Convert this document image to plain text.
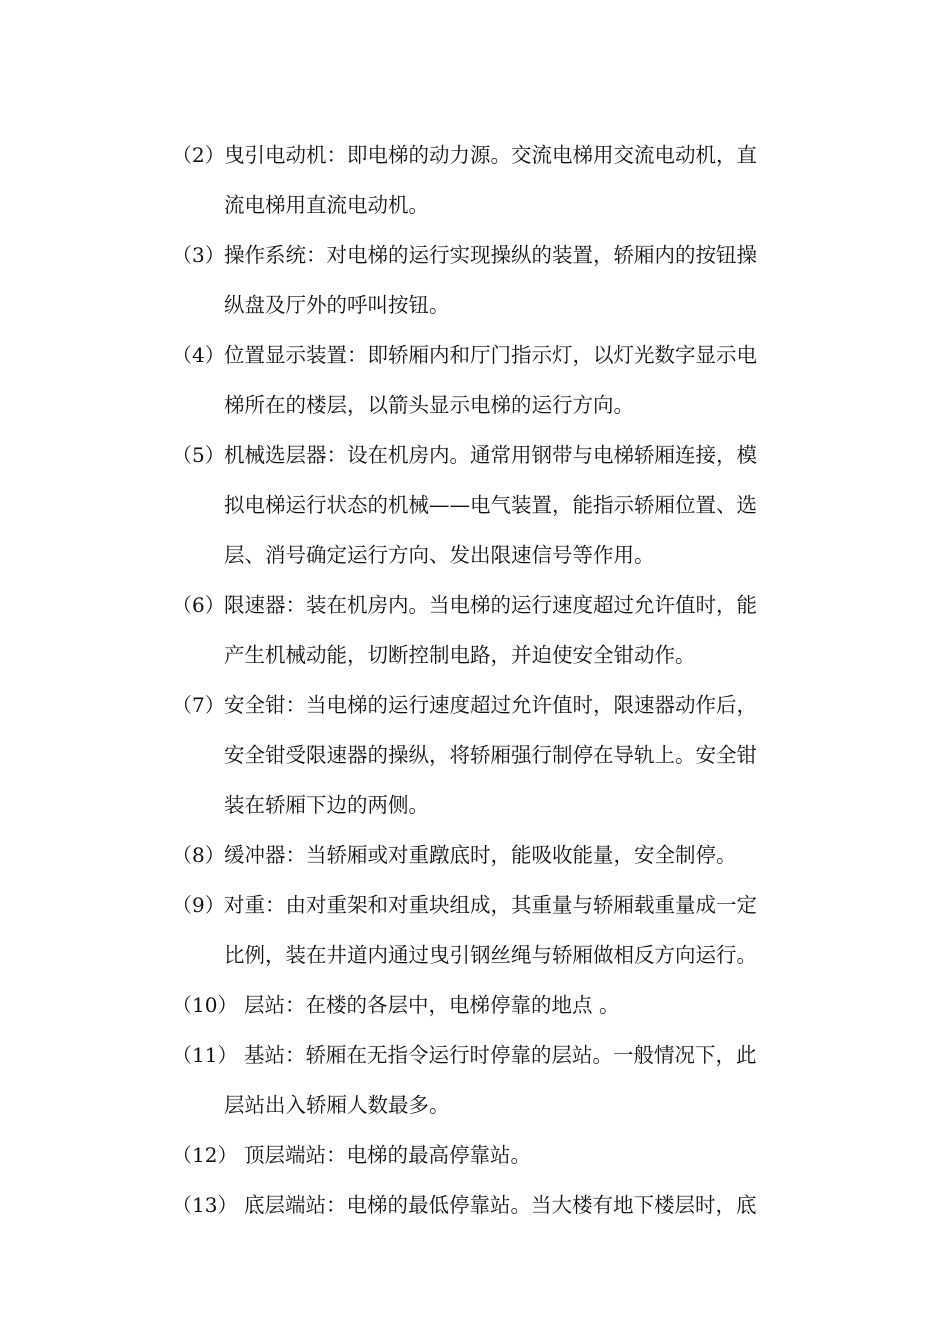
（2） 曳引电动机：即电梯的动力源。交流电梯用交流电动机，直
流电梯用直流电动机。
（3） 操作系统：对电梯的运行实现操纵的装置，轿厢内的按钮操
纵盘及厅外的呼叫按钮。
（4） 位置显示装置：即轿厢内和厅门指示灯，以灯光数字显示电
梯所在的楼层，以箭头显示电梯的运行方向。
（5） 机械选层器：设在机房内。通常用钢带与电梯轿厢连接，模
拟电梯运行状态的机械——电气装置，能指示轿厢位置、选
层、消号确定运行方向、发出限速信号等作用。
（6） 限速器：装在机房内。当电梯的运行速度超过允许值时，能
产生机械动能，切断控制电路，并迫使安全钳动作。
（7） 安全钳：当电梯的运行速度超过允许值时，限速器动作后，
安全钳受限速器的操纵，将轿厢强行制停在导轨上。安全钳
装在轿厢下边的两侧。
（8） 缓冲器：当轿厢或对重蹾底时，能吸收能量，安全制停。
（9） 对重：由对重架和对重块组成，其重量与轿厢载重量成一定
比例，装在井道内通过曳引钢丝绳与轿厢做相反方向运行。
（10） 层站：在楼的各层中，电梯停靠的地点 。
（11） 基站：轿厢在无指令运行时停靠的层站。一般情况下，此
层站出入轿厢人数最多。
（12） 顶层端站：电梯的最高停靠站。
（13） 底层端站：电梯的最低停靠站。当大楼有地下楼层时，底
